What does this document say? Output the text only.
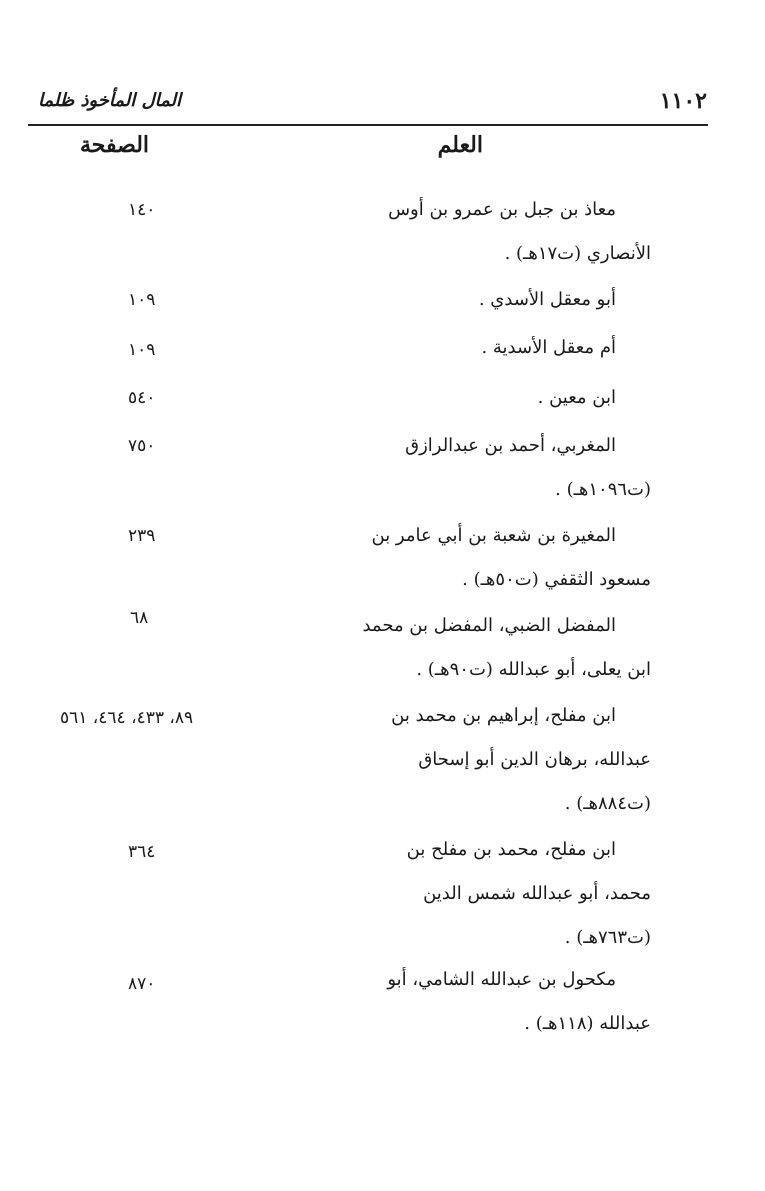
١١٠٢
المال المأخوذ ظلما
العلم
الصفحة
معاذ بن جبل بن عمرو بن أوس
الأنصاري (ت١٧هـ) .
١٤٠
أبو معقل الأسدي .
١٠٩
أم معقل الأسدية .
١٠٩
ابن معين .
٥٤٠
المغربي، أحمد بن عبدالرازق
(ت١٠٩٦هـ) .
٧٥٠
المغيرة بن شعبة بن أبي عامر بن
مسعود الثقفي (ت٥٠هـ) .
٢٣٩
المفضل الضبي، المفضل بن محمد
ابن يعلى، أبو عبدالله (ت٩٠هـ) .
٦٨
ابن مفلح، إبراهيم بن محمد بن
عبدالله، برهان الدين أبو إسحاق
(ت٨٨٤هـ) .
٨٩، ٤٣٣، ٤٦٤، ٥٦١
ابن مفلح، محمد بن مفلح بن
محمد، أبو عبدالله شمس الدين
(ت٧٦٣هـ) .
٣٦٤
مكحول بن عبدالله الشامي، أبو
عبدالله (١١٨هـ) .
٨٧٠
